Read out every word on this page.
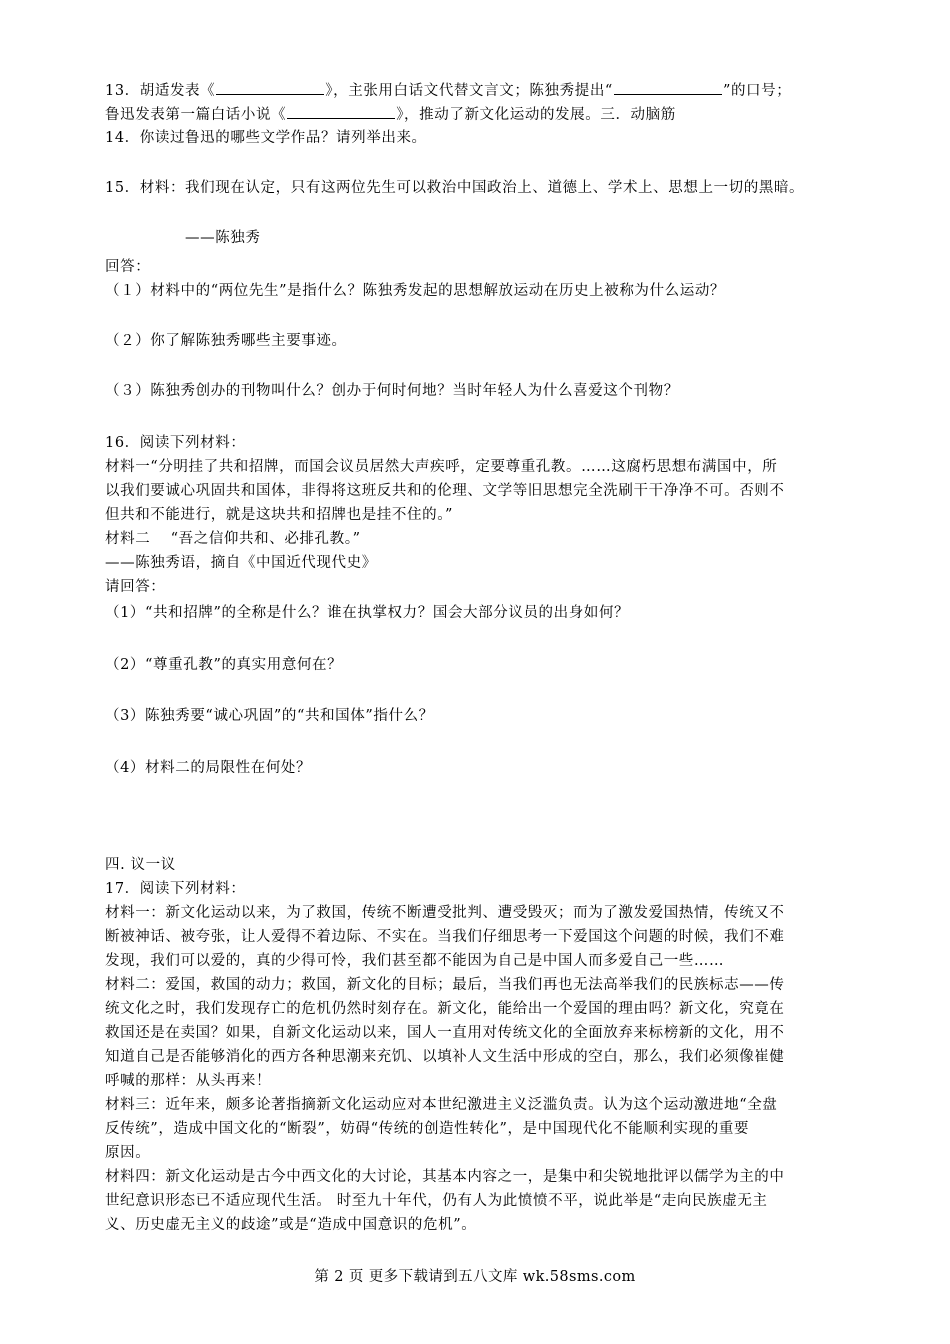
13．胡适发表《	》，主张用白话文代替文言文；陈独秀提出“	”的口号；
鲁迅发表第一篇白话小说《	》，推动了新文化运动的发展。三．动脑筋
14．你读过鲁迅的哪些文学作品？请列举出来。
15．材料：我们现在认定，只有这两位先生可以救治中国政治上、道德上、学术上、思想上一切的黑暗。
——陈独秀
回答：
（１）材料中的“两位先生”是指什么？陈独秀发起的思想解放运动在历史上被称为什么运动？
（２）你了解陈独秀哪些主要事迹。
（３）陈独秀创办的刊物叫什么？创办于何时何地？当时年轻人为什么喜爱这个刊物？
16．阅读下列材料：
材料一“分明挂了共和招牌，而国会议员居然大声疾呼，定要尊重孔教。……这腐朽思想布满国中，所
以我们要诚心巩固共和国体，非得将这班反共和的伦理、文学等旧思想完全洗刷干干净净不可。否则不
但共和不能进行，就是这块共和招牌也是挂不住的。”
材料二　 “吾之信仰共和、必排孔教。”
——陈独秀语，摘自《中国近代现代史》
请回答：
（1）“共和招牌”的全称是什么？谁在执掌权力？国会大部分议员的出身如何？
（2）“尊重孔教”的真实用意何在？
（3）陈独秀要“诚心巩固”的“共和国体”指什么？
（4）材料二的局限性在何处？
四. 议一议
17．阅读下列材料：
材料一：新文化运动以来，为了救国，传统不断遭受批判、遭受毁灭；而为了激发爱国热情，传统又不
断被神话、被夸张，让人爱得不着边际、不实在。当我们仔细思考一下爱国这个问题的时候，我们不难
发现，我们可以爱的，真的少得可怜，我们甚至都不能因为自己是中国人而多爱自己一些……
材料二：爱国，救国的动力；救国，新文化的目标；最后，当我们再也无法高举我们的民族标志——传
统文化之时，我们发现存亡的危机仍然时刻存在。新文化，能给出一个爱国的理由吗？新文化，究竟在
救国还是在卖国？如果，自新文化运动以来，国人一直用对传统文化的全面放弃来标榜新的文化，用不
知道自己是否能够消化的西方各种思潮来充饥、以填补人文生活中形成的空白，那么，我们必须像崔健
呼喊的那样：从头再来！
材料三：近年来，颇多论著指摘新文化运动应对本世纪激进主义泛滥负责。认为这个运动激进地“全盘
反传统”，造成中国文化的“断裂”，妨碍“传统的创造性转化”，是中国现代化不能顺利实现的重要
原因。
材料四：新文化运动是古今中西文化的大讨论，其基本内容之一，是集中和尖锐地批评以儒学为主的中
世纪意识形态已不适应现代生活。 时至九十年代，仍有人为此愤愤不平，说此举是“走向民族虚无主
义、历史虚无主义的歧途”或是“造成中国意识的危机”。
第 2 页 更多下载请到五八文库 wk.58sms.com
